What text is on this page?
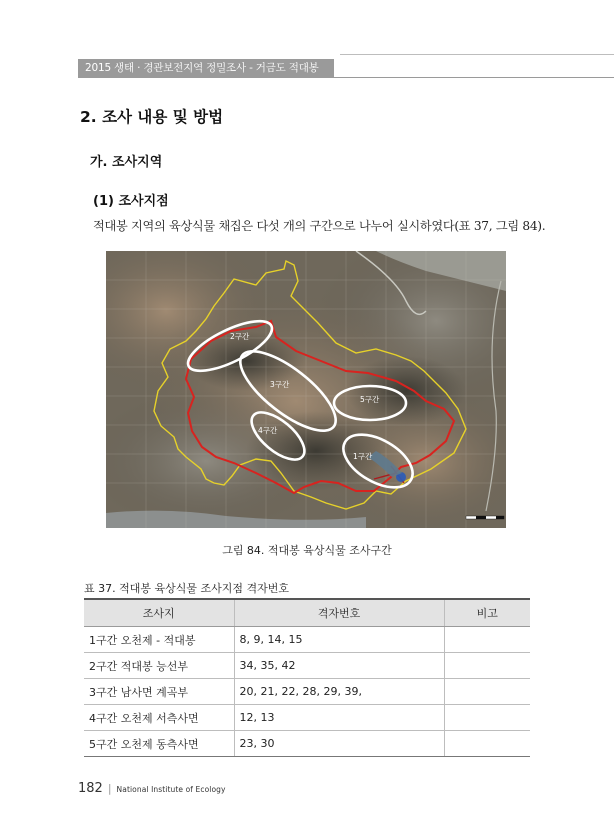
2015 생태 · 경관보전지역 정밀조사 - 거금도 적대봉
2. 조사 내용 및 방법
가. 조사지역
(1) 조사지점
적대봉 지역의 육상식물 채집은 다섯 개의 구간으로 나누어 실시하였다(표 37, 그림 84).
2구간
3구간
5구간
4구간
1구간
그림 84. 적대봉 육상식물 조사구간
표 37. 적대봉 육상식물 조사지점 격자번호
조사지	격자번호	비고
1구간 오천제 - 적대봉	8, 9, 14, 15	
2구간 적대봉 능선부	34, 35, 42	
3구간 남사면 계곡부	20, 21, 22, 28, 29, 39,	
4구간 오천제 서측사면	12, 13	
5구간 오천제 동측사면	23, 30	
182 | National Institute of Ecology
